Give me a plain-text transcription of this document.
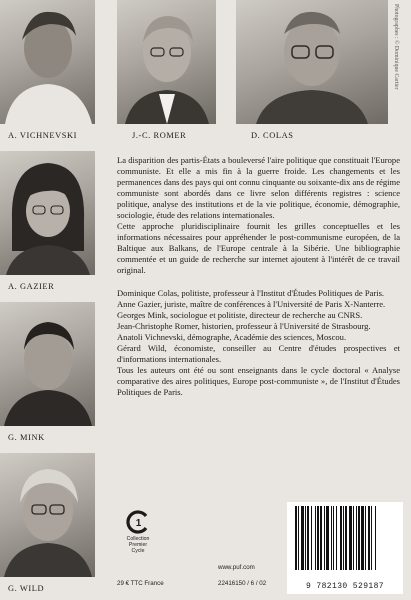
A. VICHNEVSKI	J.-C. ROMER	D. COLAS
Photographes : © Dominique Cartier
A. GAZIER
G. MINK
G. WILD

La disparition des partis-États a bouleversé l'aire politique que constituait l'Europe communiste. Et elle a mis fin à la guerre froide. Les changements et les permanences dans des pays qui ont connu cinquante ou soixante-dix ans de régime communiste sont abordés dans ce livre selon différents registres : science politique, analyse des institutions et de la vie politique, économie, démographie, sociologie, étude des relations internationales.

Cette approche pluridisciplinaire fournit les grilles conceptuelles et les informations nécessaires pour appréhender le post-communisme européen, de la Baltique aux Balkans, de l'Europe centrale à la Sibérie. Une bibliographie commentée et un guide de recherche sur internet ajoutent à l'intérêt de ce travail original.

Dominique Colas, politiste, professeur à l'Institut d'Études Politiques de Paris.

Anne Gazier, juriste, maître de conférences à l'Université de Paris X-Nanterre.

Georges Mink, sociologue et politiste, directeur de recherche au CNRS.

Jean-Christophe Romer, historien, professeur à l'Université de Strasbourg.

Anatoli Vichnevski, démographe, Académie des sciences, Moscou.

Gérard Wild, économiste, conseiller au Centre d'études prospectives et d'informations internationales.

Tous les auteurs ont été ou sont enseignants dans le cycle doctoral « Analyse comparative des aires politiques, Europe post-communiste », de l'Institut d'Études Politiques de Paris.

1
Collection
Premier
Cycle
www.puf.com
29 € TTC France	22416150 / 6 / 02	9 782130 529187
